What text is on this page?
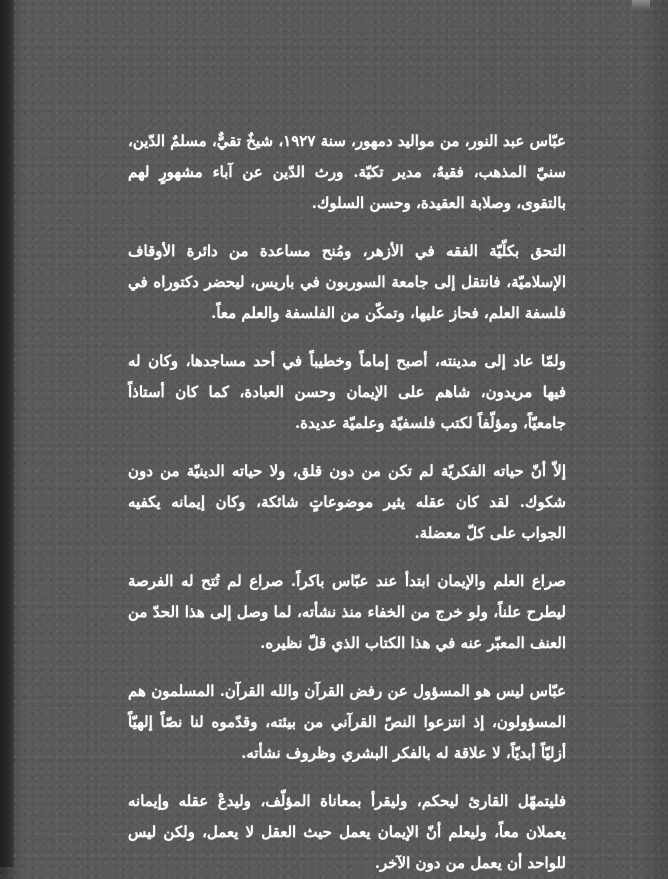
عبّاس عبد النور، من مواليد دمهور، سنة ١٩٢٧، شيخٌ تقيٌّ، مسلمٌ الدّين، سنيّ المذهب، فقيهٌ، مدير تكيّة. ورث الدّين عن آباء مشهورٍ لهم بالتقوى، وصلابة العقيدة، وحسن السلوك.

التحق بكلّيّة الفقه في الأزهر، ومُنح مساعدة من دائرة الأوقاف الإسلاميّة، فانتقل إلى جامعة السوربون في باريس، ليحضر دكتوراه في فلسفة العلم، فحاز عليها، وتمكّن من الفلسفة والعلم معاً.

ولمّا عاد إلى مدينته، أصبح إماماً وخطيباً في أحد مساجدها، وكان له فيها مريدون، شاهم على الإيمان وحسن العبادة، كما كان أستاذاً جامعيّاً، ومؤلّفاً لكتب فلسفيّة وعلميّة عديدة.

إلاّ أنّ حياته الفكريّة لم تكن من دون قلق، ولا حياته الدينيّة من دون شكوك. لقد كان عقله يثير موضوعاتٍ شائكة، وكان إيمانه يكفيه الجواب على كلّ معضلة.

صراع العلم والإيمان ابتدأ عند عبّاس باكراً. صراع لم تُتح له الفرصة ليطرح علناً، ولو خرج من الخفاء منذ نشأته، لما وصل إلى هذا الحدّ من العنف المعبّر عنه في هذا الكتاب الذي قلّ نظيره.

عبّاس ليس هو المسؤول عن رفض القرآن والله القرآن. المسلمون هم المسؤولون، إذ انتزعوا النصّ القرآني من بيئته، وقدّموه لنا نصّاً إلهيّاً أزليّاً أبديّاً، لا علاقة له بالفكر البشري وظروف نشأته.

فليتمهّل القارئ ليحكم، وليقرأ بمعاناة المؤلّف، وليدعْ عقله وإيمانه يعملان معاً، وليعلم أنّ الإيمان يعمل حيث العقل لا يعمل، ولكن ليس للواحد أن يعمل من دون الآخر.
